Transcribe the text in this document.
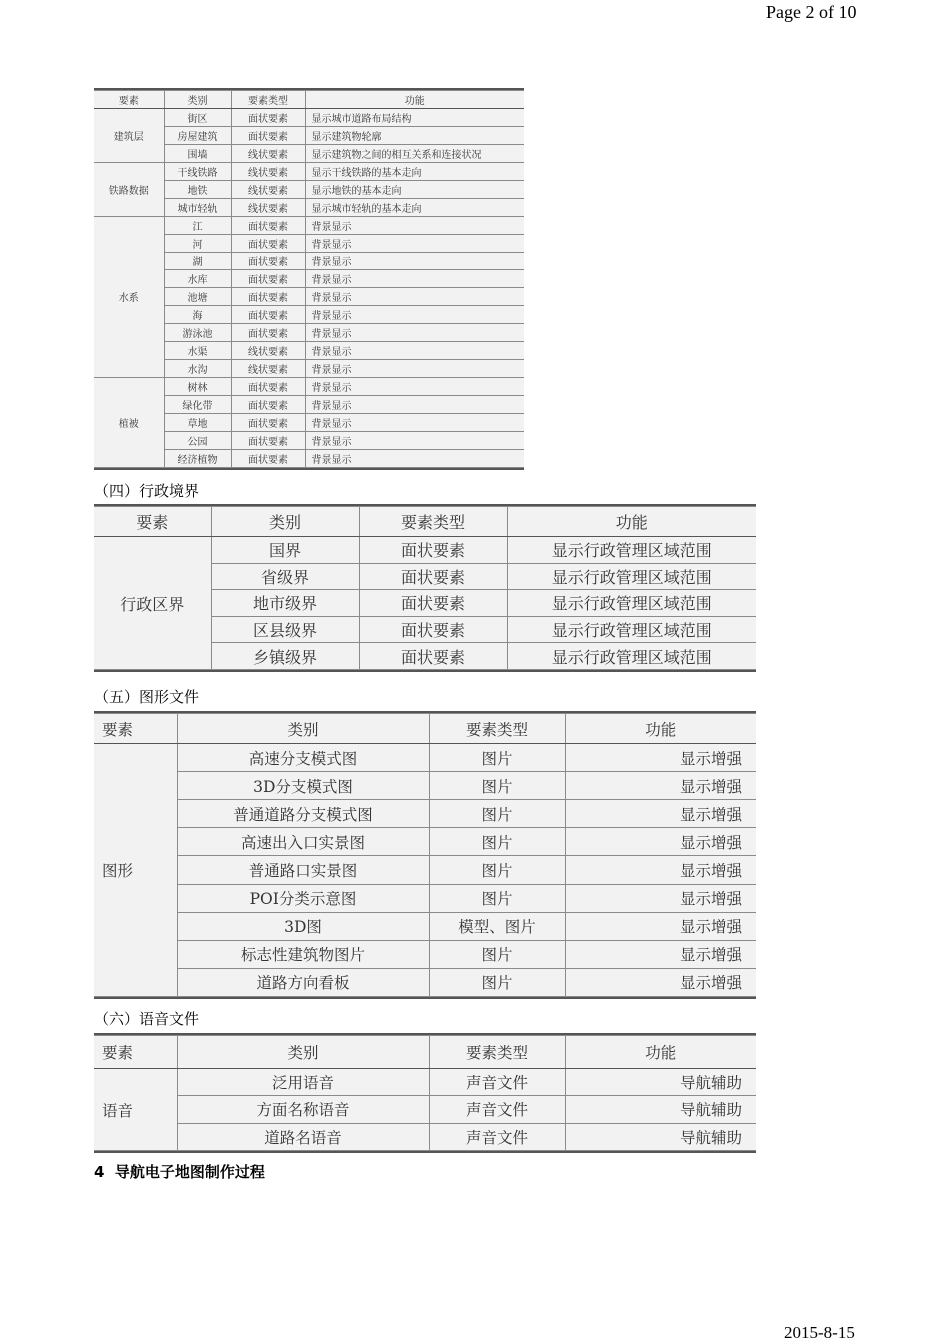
Page 2 of 10
要素	类别	要素类型	功能
建筑层	街区	面状要素	显示城市道路布局结构
	房屋建筑	面状要素	显示建筑物轮廓
	围墙	线状要素	显示建筑物之间的相互关系和连接状况
铁路数据	干线铁路	线状要素	显示干线铁路的基本走向
	地铁	线状要素	显示地铁的基本走向
	城市轻轨	线状要素	显示城市轻轨的基本走向
水系	江	面状要素	背景显示
	河	面状要素	背景显示
	湖	面状要素	背景显示
	水库	面状要素	背景显示
	池塘	面状要素	背景显示
	海	面状要素	背景显示
	游泳池	面状要素	背景显示
	水渠	线状要素	背景显示
	水沟	线状要素	背景显示
植被	树林	面状要素	背景显示
	绿化带	面状要素	背景显示
	草地	面状要素	背景显示
	公园	面状要素	背景显示
	经济植物	面状要素	背景显示
（四）行政境界
要素	类别	要素类型	功能
行政区界	国界	面状要素	显示行政管理区域范围
	省级界	面状要素	显示行政管理区域范围
	地市级界	面状要素	显示行政管理区域范围
	区县级界	面状要素	显示行政管理区域范围
	乡镇级界	面状要素	显示行政管理区域范围
（五）图形文件
要素	类别	要素类型	功能
图形	高速分支模式图	图片	显示增强
	3D分支模式图	图片	显示增强
	普通道路分支模式图	图片	显示增强
	高速出入口实景图	图片	显示增强
	普通路口实景图	图片	显示增强
	POI分类示意图	图片	显示增强
	3D图	模型、图片	显示增强
	标志性建筑物图片	图片	显示增强
	道路方向看板	图片	显示增强
（六）语音文件
要素	类别	要素类型	功能
语音	泛用语音	声音文件	导航辅助
	方面名称语音	声音文件	导航辅助
	道路名语音	声音文件	导航辅助
4 导航电子地图制作过程
2015-8-15
